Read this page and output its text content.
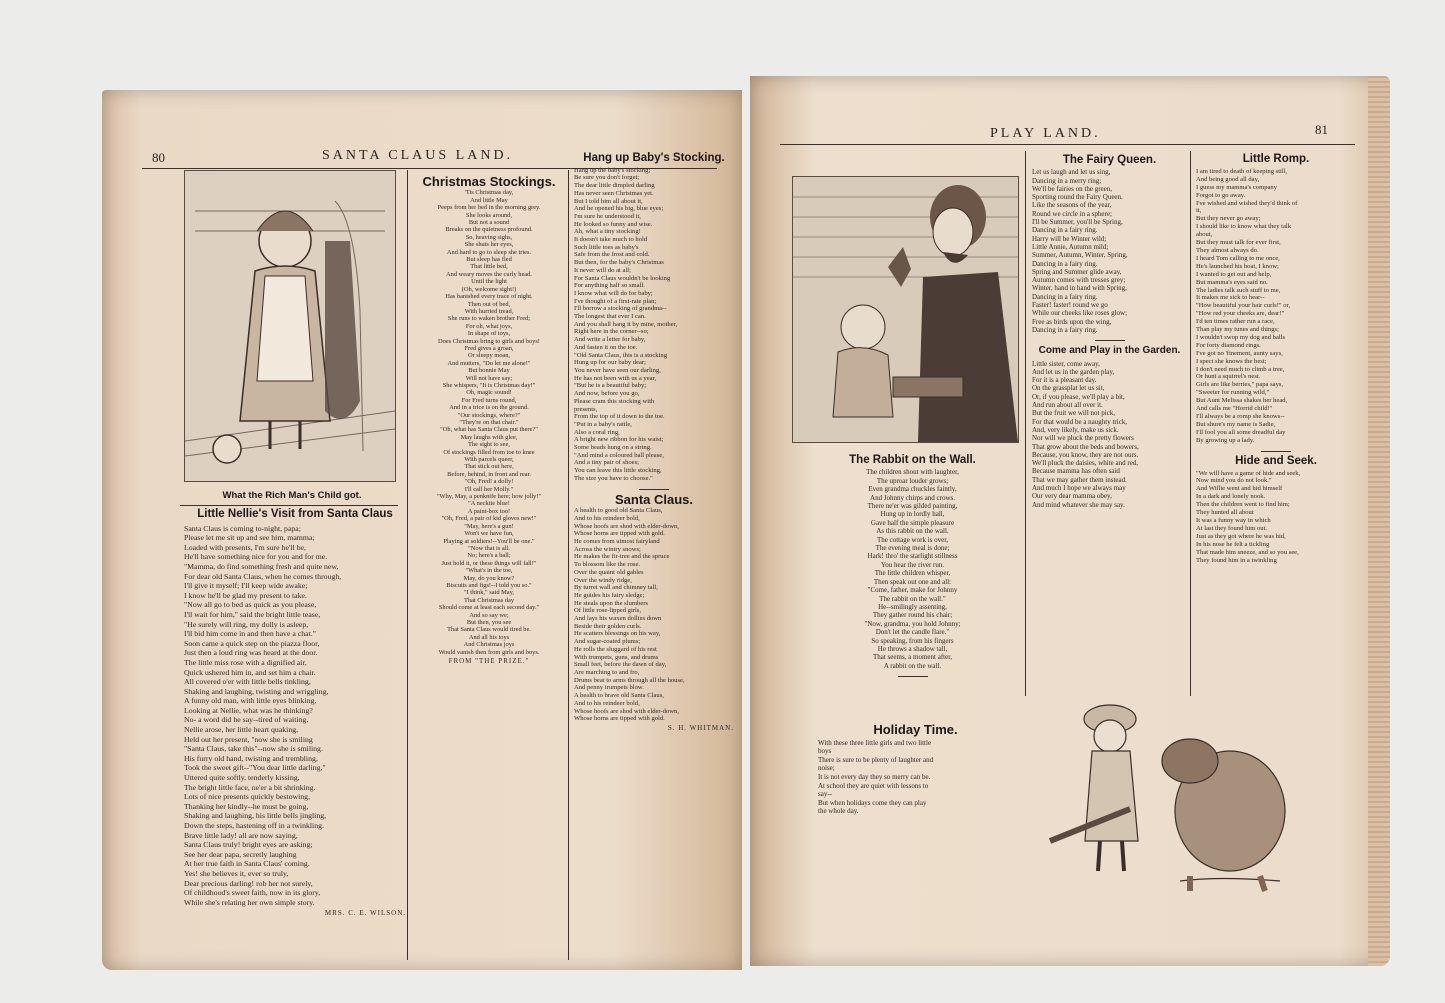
80	SANTA CLAUS LAND.
What the Rich Man's Child got.
Little Nellie's Visit from Santa Claus

Santa Claus is coming to-night, papa;
Please let me sit up and see him, mamma;
Loaded with presents, I'm sure he'll be,
He'll have something nice for you and for me.
"Mamma, do find something fresh and quite new,
For dear old Santa Claus, when he comes through,
I'll give it myself; I'll keep wide awake;
I know he'll be glad my present to take.
"Now all go to bed as quick as you please,
I'll wait for him," said the bright little tease,
"He surely will ring, my dolly is asleep,
I'll bid him come in and then have a chat."
Soon came a quick step on the piazza floor,
Just then a loud ring was heard at the door.
The little miss rose with a dignified air,
Quick ushered him in, and set him a chair.
All covered o'er with little bells tinkling,
Shaking and laughing, twisting and wriggling,
A funny old man, with little eyes blinking,
Looking at Nellie, what was he thinking?
No- a word did he say--tired of waiting,
Nellie arose, her little heart quaking,
Held out her present, "now she is smiling
"Santa Claus, take this"--now she is smiling.
His furry old hand, twisting and trembling,
Took the sweet gift--"You dear little darling,"
Uttered quite softly, tenderly kissing,
The bright little face, ne'er a bit shrinking.
Lots of nice presents quickly bestowing,
Thanking her kindly--he must be going,
Shaking and laughing, his little bells jingling,
Down the steps, hastening off in a twinkling.
Brave little lady! all are now saying,
Santa Claus truly! bright eyes are asking;
See her dear papa, secretly laughing
At her true faith in Santa Claus' coming.
Yes! she believes it, ever so truly,
Dear precious darling! rob her not surely,
Of childhood's sweet faith, now in its glory,
While she's relating her own simple story.

MRS. C. E. WILSON.
Christmas Stockings.

'Tis Christmas day,
And little May
Peeps from her bed in the morning grey.
She looks around,
But not a sound
Breaks on the quietness profound.
So, heaving sighs,
She shuts her eyes,
And hard to go to sleep she tries.
But sleep has fled
That little bed,
And weary moves the curly head.
Until the light
(Oh, welcome sight!)
Has banished every trace of night.
Then out of bed,
With hurried tread,
She runs to waken brother Fred;
For oh, what joys,
In shape of toys,
Does Christmas bring to girls and boys!
Fred gives a groan,
Or sleepy moan,
And mutters, "Do let me alone!"
But bonnie May
Will not have say;
She whispers, "It is Christmas day!"
Oh, magic sound!
For Fred turns round,
And in a trice is on the ground.
"Our stockings, where?"
"They're on that chair."
"Oh, what has Santa Claus put there?"
May laughs with glee,
The sight to see,
Of stockings filled from toe to knee
With parcels queer,
That stick out here,
Before, behind, in front and rear.
"Oh, Fred! a dolly!
I'll call her Molly."
"Why, May, a penknife here; how jolly!"
"A necktie blue!
A paint-box too!
"Oh, Fred, a pair of kid gloves new!"
"May, here's a gun!
Won't we have fun,
Playing at soldiers!--You'll be one."
"Now that is all.
No; here's a ball;
Just hold it, or these things will fall!"
"What's in the toe,
May, do you know?
Biscuits and figs!--I told you so."
"I think," said May,
That Christmas day
Should come at least each second day."
And so say we;
But then, you see
That Santa Claus would tired be.
And all his toys
And Christmas joys
Would vanish then from girls and boys.

FROM "THE PRIZE."
Hang up Baby's Stocking.

Hang up the baby's stocking;
Be sure you don't forget;
The dear little dimpled darling
Has never seen Christmas yet.
But I told him all about it,
And he opened his big, blue eyes;
I'm sure he understood it,
He looked so funny and wise.
Ah, what a tiny stocking!
It doesn't take much to hold
Such little toes as baby's
Safe from the frost and cold.
But then, for the baby's Christmas
It never will do at all;
For Santa Claus wouldn't be looking
For anything half so small.
I know what will do for baby;
I've thought of a first-rate plan;
I'll borrow a stocking of grandma--
The longest that ever I can.
And you shall hang it by mine, mother,
Right here in the corner--so;
And write a letter for baby,
And fasten it on the toe.
"Old Santa Claus, this is a stocking
Hung up for our baby dear;
You never have seen our darling,
He has not been with us a year,
"But he is a beautiful baby;
And now, before you go,
Please cram this stocking with
presents,
From the top of it down to the toe.
"Put in a baby's rattle,
Also a coral ring,
A bright new ribbon for his waist;
Some beads hung on a string.
"And mind a coloured ball please,
And a tiny pair of shoes;
You can leave this little stocking,
The size you have to choose."

Santa Claus.

A health to good old Santa Claus,
And to his reindeer bold,
Whose hoofs are shod with elder-down,
Whose horns are tipped with gold.
He comes from utmost fairyland
Across the wintry snows;
He makes the fir-tree and the spruce
To blossom like the rose.
Over the quaint old gables
Over the windy ridge,
By turret wall and chimney tall,
He guides his fairy sledge;
He steals upon the slumbers
Of little rose-lipped girls,
And lays his waxen dollies down
Beside their golden curls.
He scatters blessings on his way,
And sugar-coated plums;
He rolls the sluggard of his rest
With trumpets, guns, and drums
Small feet, before the dawn of day,
Are marching to and fro,
Drums beat to arms through all the house,
And penny trumpets blow.
A health to brave old Santa Claus,
And to his reindeer bold,
Whose hoofs are shod with elder-down,
Whose horns are tipped with gold.

S. H. WHITMAN.
PLAY LAND.	81
The Rabbit on the Wall.

The children shout with laughter,
The uproar louder grows;
Even grandma chuckles faintly,
And Johnny chirps and crows.
There ne'er was gilded painting,
Hung up in lordly hall,
Gave half the simple pleasure
As this rabbit on the wall.
The cottage work is over,
The evening meal is done;
Hark! thro' the starlight stillness
You hear the river run.
The little children whisper,
Then speak out one and all:
"Come, father, make for Johnny
The rabbit on the wall."
He--smilingly assenting,
They gather round his chair;
"Now, grandma, you hold Johnny;
Don't let the candle flare."
So speaking, from his fingers
He throws a shadow tall,
That seems, a moment after,
A rabbit on the wall.

Holiday Time.

With these three little girls and two little
boys
There is sure to be plenty of laughter and
noise;
It is not every day they so merry can be.
At school they are quiet with lessons to
say--
But when holidays come they can play
the whole day.

The Fairy Queen.

Let us laugh and let us sing,
Dancing in a merry ring;
We'll be fairies on the green,
Sporting round the Fairy Queen.
Like the seasons of the year,
Round we circle in a sphere;
I'll be Summer, you'll be Spring,
Dancing in a fairy ring.
Harry will be Winter wild;
Little Annie, Autumn mild;
Summer, Autumn, Winter, Spring,
Dancing in a fairy ring.
Spring and Summer glide away,
Autumn comes with tresses grey;
Winter, hand in hand with Spring,
Dancing in a fairy ring.
Faster! faster! round we go
While our cheeks like roses glow;
Free as birds upon the wing,
Dancing in a fairy ring.

Come and Play in the Garden.

Little sister, come away,
And let us in the garden play,
For it is a pleasant day.
On the grassplat let us sit,
Or, if you please, we'll play a bit,
And run about all over it.
But the fruit we will not pick,
For that would be a naughty trick,
And, very likely, make us sick.
Nor will we pluck the pretty flowers
That grow about the beds and bowers,
Because, you know, they are not ours.
We'll pluck the daisies, white and red,
Because mamma has often said
That we may gather them instead.
And much I hope we always may
Our very dear mamma obey,
And mind whatever she may say.

Little Romp.

I am tired to death of keeping still,
And being good all day,
I guess my mamma's company
Forgot to go away.
I've wished and wished they'd think of
it,
But they never go away;
I should like to know what they talk
about,
But they must talk for ever first,
They almost always do.
I heard Tom calling to me once,
He's launched his boat, I know;
I wanted to get out and help,
But mamma's eyes said no.
The ladies talk such stuff to me,
It makes me sick to hear--
"How beautiful your hair curls!" or,
"How red your cheeks are, dear!"
I'd ten times rather run a race,
Than play my tunes and things;
I wouldn't swop my dog and balls
For forty diamond rings.
I've got no 'finement, aunty says,
I spect she knows the best;
I don't need much to climb a tree,
Or hunt a squirrel's nest.
Girls are like berries," papa says,
"Sweeter for running wild,"
But Aunt Melissa shakes her head,
And calls me "Horrid child!"
I'll always be a romp she knows--
But shure's my name is Sadie,
I'll fool you all some dreadful day
By growing up a lady.

Hide and Seek.

"We will have a game of hide and seek,
Now mind you do not look."
And Willie went and hid himself
In a dark and lonely nook.
Then the children went to find him;
They hunted all about
It was a funny way in which
At last they found him out.
Just as they got where he was hid,
In his nose he felt a tickling
That made him sneeze, and so you see,
They found him in a twinkling
